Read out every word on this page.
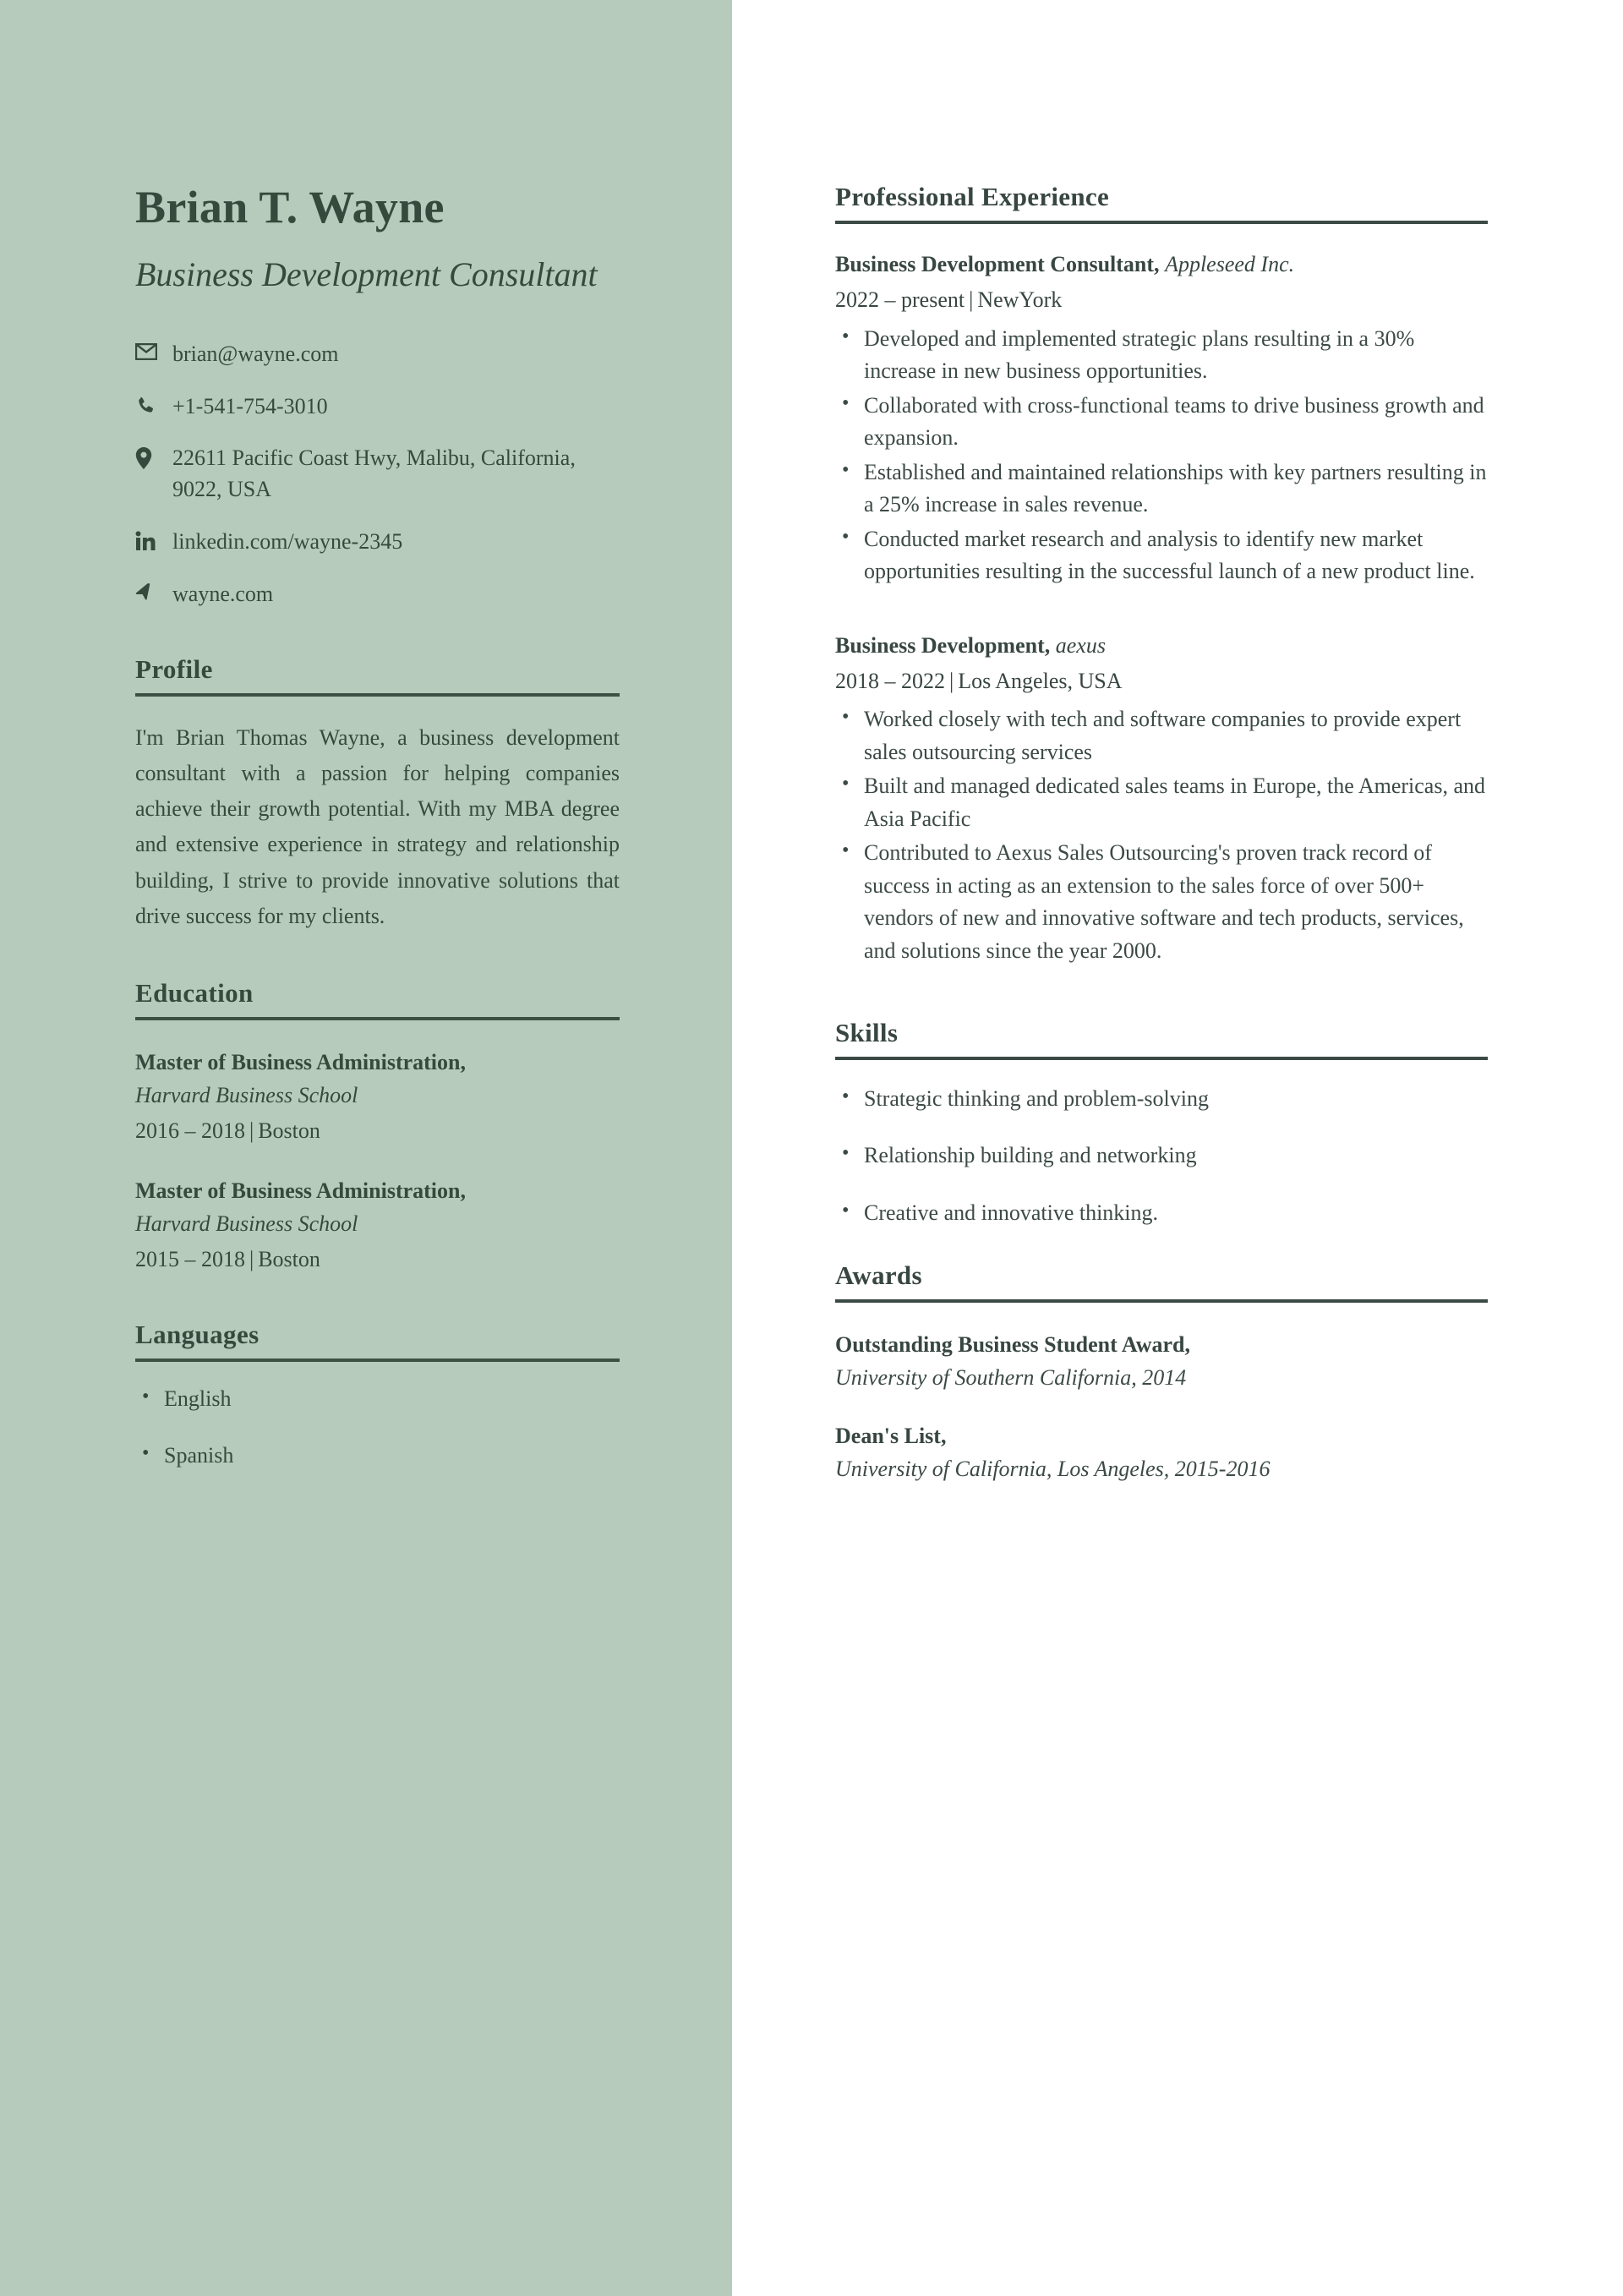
Brian T. Wayne
Business Development Consultant
brian@wayne.com
+1-541-754-3010
22611 Pacific Coast Hwy, Malibu, California, 9022, USA
linkedin.com/wayne-2345
wayne.com
Profile

I'm Brian Thomas Wayne, a business development consultant with a passion for helping companies achieve their growth potential. With my MBA degree and extensive experience in strategy and relationship building, I strive to provide innovative solutions that drive success for my clients.

Education
Master of Business Administration,
Harvard Business School
2016 – 2018 | Boston
Master of Business Administration,
Harvard Business School
2015 – 2018 | Boston
Languages
• English
• Spanish
Professional Experience
Business Development Consultant, Appleseed Inc.
2022 – present | NewYork
• Developed and implemented strategic plans resulting in a 30% increase in new business opportunities.
• Collaborated with cross-functional teams to drive business growth and expansion.
• Established and maintained relationships with key partners resulting in a 25% increase in sales revenue.
• Conducted market research and analysis to identify new market opportunities resulting in the successful launch of a new product line.
Business Development, aexus
2018 – 2022 | Los Angeles, USA
• Worked closely with tech and software companies to provide expert sales outsourcing services
• Built and managed dedicated sales teams in Europe, the Americas, and Asia Pacific
• Contributed to Aexus Sales Outsourcing's proven track record of success in acting as an extension to the sales force of over 500+ vendors of new and innovative software and tech products, services, and solutions since the year 2000.
Skills
• Strategic thinking and problem-solving
• Relationship building and networking
• Creative and innovative thinking.
Awards
Outstanding Business Student Award,
University of Southern California, 2014
Dean's List,
University of California, Los Angeles, 2015-2016
